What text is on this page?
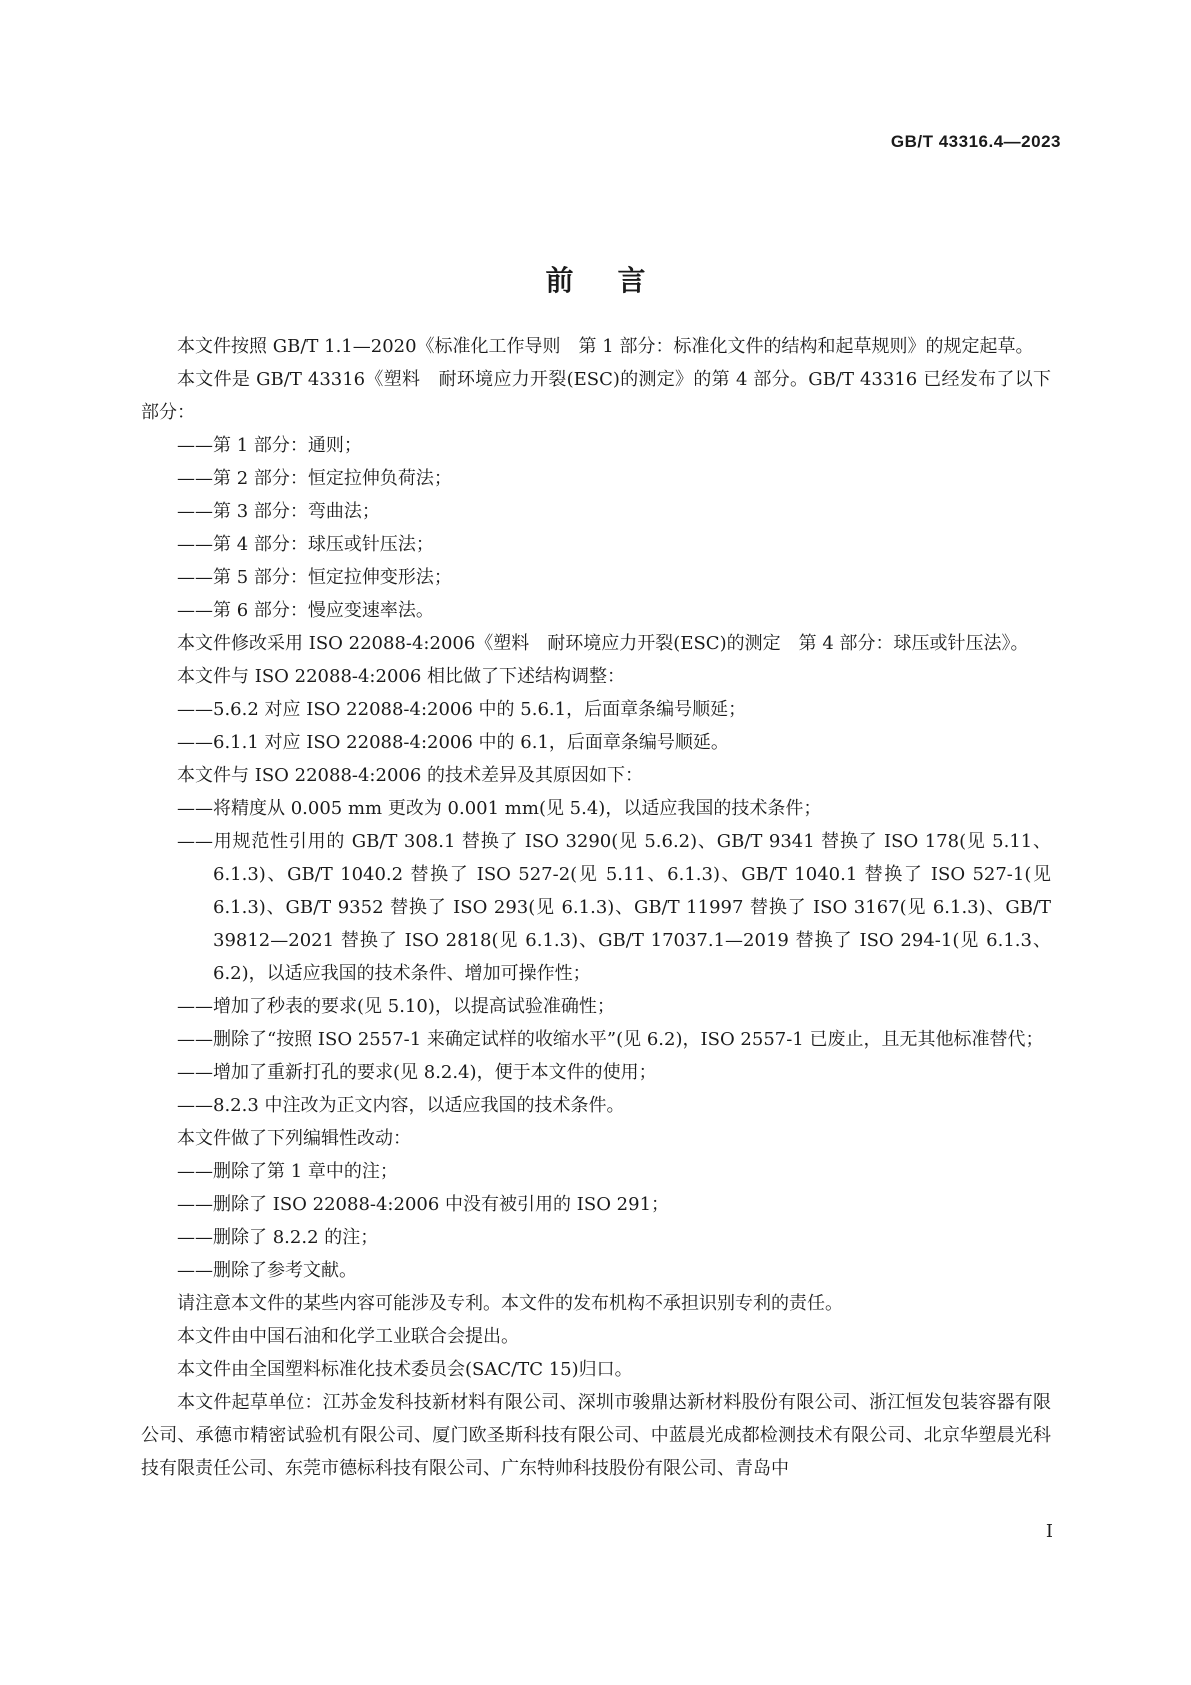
GB/T 43316.4—2023
前言

本文件按照 GB/T 1.1—2020《标准化工作导则　第 1 部分：标准化文件的结构和起草规则》的规定起草。

本文件是 GB/T 43316《塑料　耐环境应力开裂(ESC)的测定》的第 4 部分。GB/T 43316 已经发布了以下部分：

——第 1 部分：通则；

——第 2 部分：恒定拉伸负荷法；

——第 3 部分：弯曲法；

——第 4 部分：球压或针压法；

——第 5 部分：恒定拉伸变形法；

——第 6 部分：慢应变速率法。

本文件修改采用 ISO 22088-4:2006《塑料　耐环境应力开裂(ESC)的测定　第 4 部分：球压或针压法》。

本文件与 ISO 22088-4:2006 相比做了下述结构调整：

——5.6.2 对应 ISO 22088-4:2006 中的 5.6.1，后面章条编号顺延；

——6.1.1 对应 ISO 22088-4:2006 中的 6.1，后面章条编号顺延。

本文件与 ISO 22088-4:2006 的技术差异及其原因如下：

——将精度从 0.005 mm 更改为 0.001 mm(见 5.4)，以适应我国的技术条件；

——用规范性引用的 GB/T 308.1 替换了 ISO 3290(见 5.6.2)、GB/T 9341 替换了 ISO 178(见 5.11、6.1.3)、GB/T 1040.2 替换了 ISO 527-2(见 5.11、6.1.3)、GB/T 1040.1 替换了 ISO 527-1(见 6.1.3)、GB/T 9352 替换了 ISO 293(见 6.1.3)、GB/T 11997 替换了 ISO 3167(见 6.1.3)、GB/T 39812—2021 替换了 ISO 2818(见 6.1.3)、GB/T 17037.1—2019 替换了 ISO 294-1(见 6.1.3、6.2)，以适应我国的技术条件、增加可操作性；

——增加了秒表的要求(见 5.10)，以提高试验准确性；

——删除了“按照 ISO 2557-1 来确定试样的收缩水平”(见 6.2)，ISO 2557-1 已废止，且无其他标准替代；

——增加了重新打孔的要求(见 8.2.4)，便于本文件的使用；

——8.2.3 中注改为正文内容，以适应我国的技术条件。

本文件做了下列编辑性改动：

——删除了第 1 章中的注；

——删除了 ISO 22088-4:2006 中没有被引用的 ISO 291；

——删除了 8.2.2 的注；

——删除了参考文献。

请注意本文件的某些内容可能涉及专利。本文件的发布机构不承担识别专利的责任。

本文件由中国石油和化学工业联合会提出。

本文件由全国塑料标准化技术委员会(SAC/TC 15)归口。

本文件起草单位：江苏金发科技新材料有限公司、深圳市骏鼎达新材料股份有限公司、浙江恒发包装容器有限公司、承德市精密试验机有限公司、厦门欧圣斯科技有限公司、中蓝晨光成都检测技术有限公司、北京华塑晨光科技有限责任公司、东莞市德标科技有限公司、广东特帅科技股份有限公司、青岛中

I
